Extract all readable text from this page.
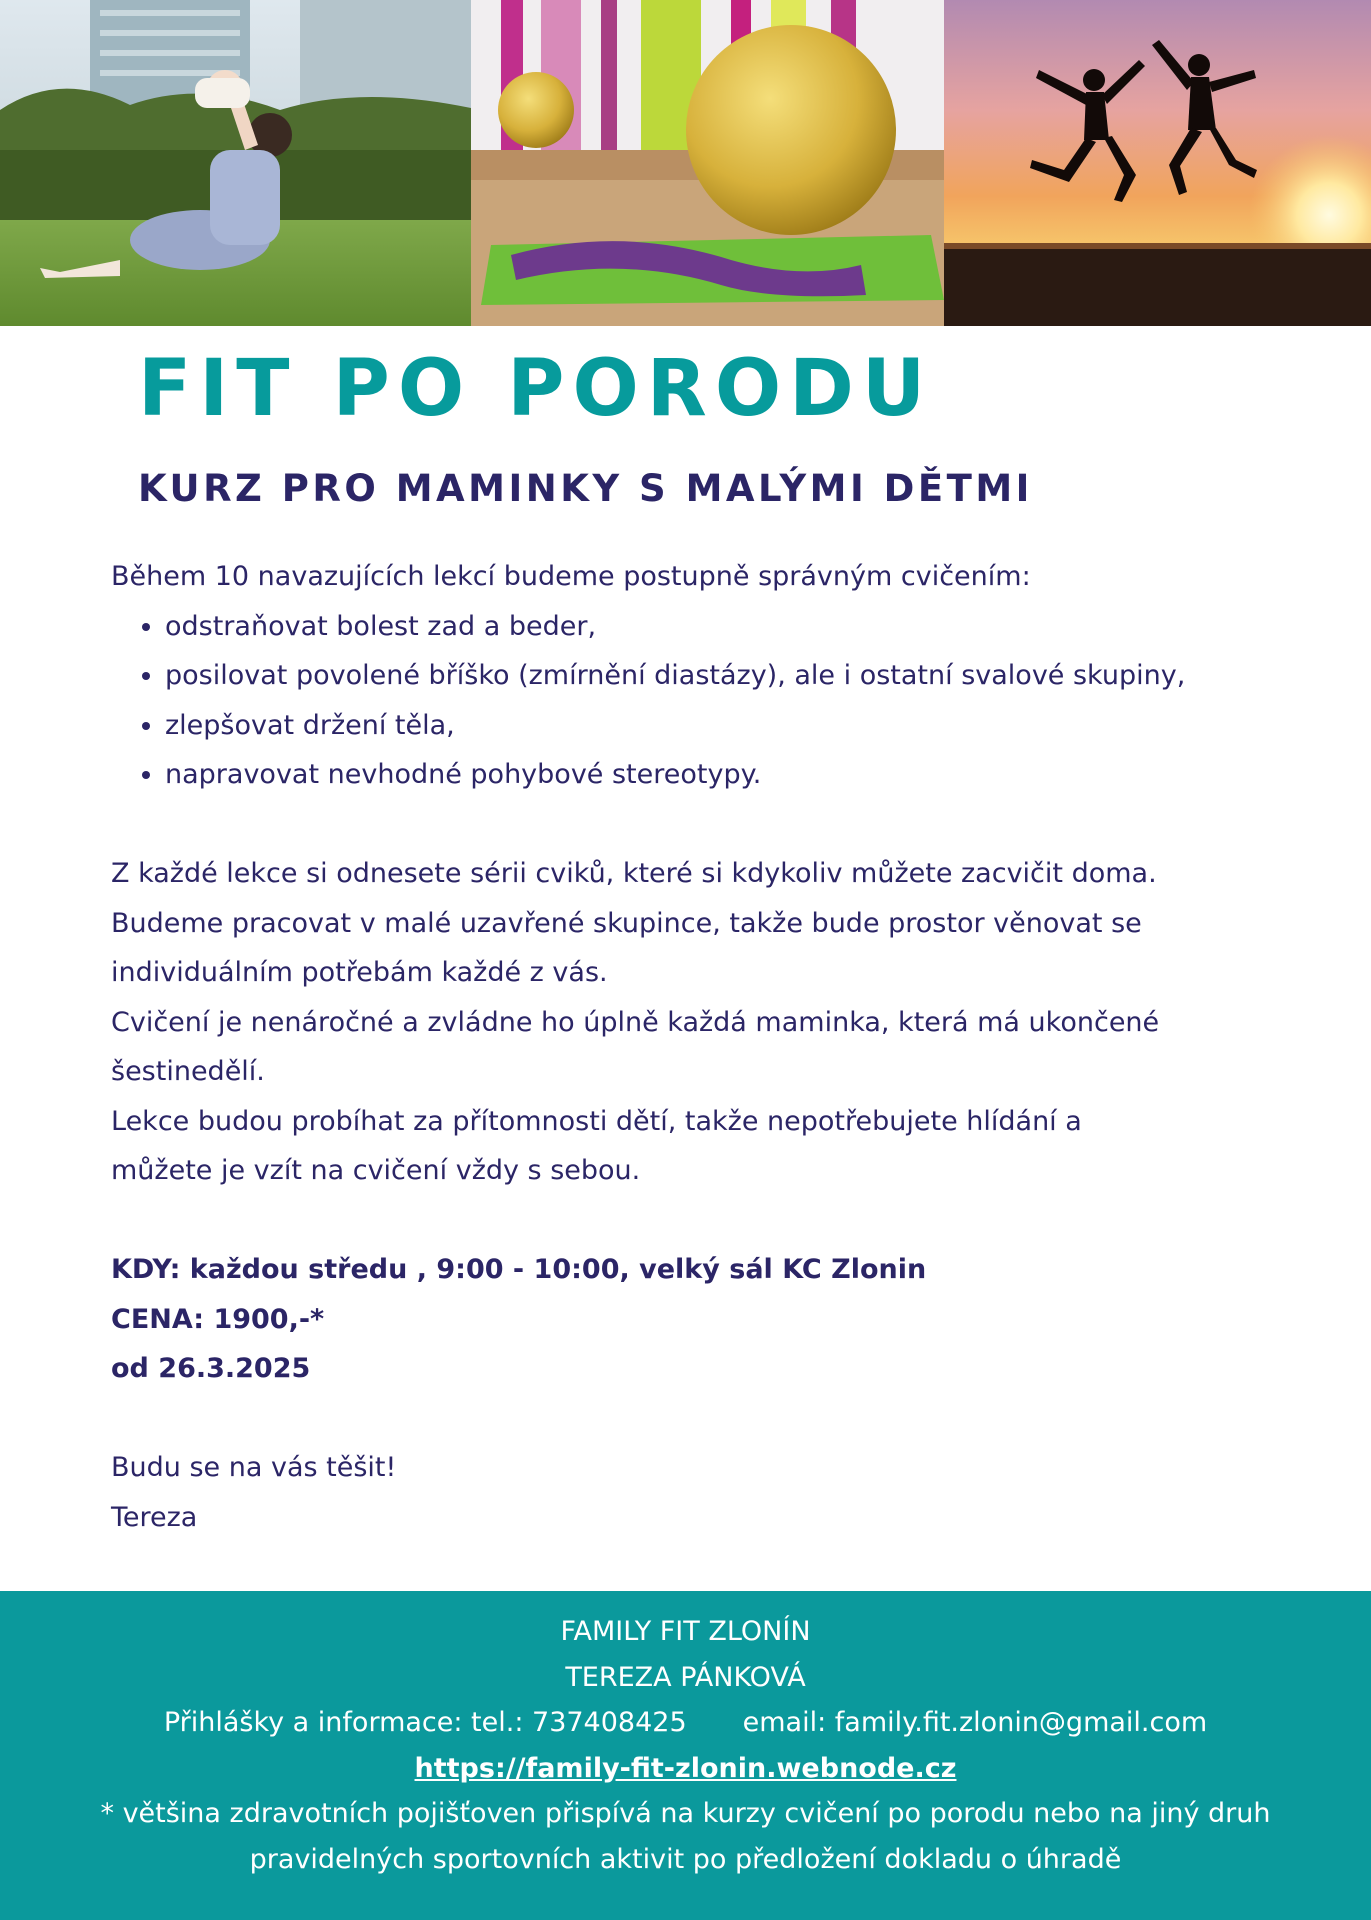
FIT PO PORODU
KURZ PRO MAMINKY S MALÝMI DĚTMI

Během 10 navazujících lekcí budeme postupně správným cvičením:

• odstraňovat bolest zad a beder,
• posilovat povolené bříško (zmírnění diastázy), ale i ostatní svalové skupiny,
• zlepšovat držení těla,
• napravovat nevhodné pohybové stereotypy.

Z každé lekce si odnesete sérii cviků, které si kdykoliv můžete zacvičit doma.

Budeme pracovat v malé uzavřené skupince, takže bude prostor věnovat se

individuálním potřebám každé z vás.

Cvičení je nenáročné a zvládne ho úplně každá maminka, která má ukončené

šestinedělí.

Lekce budou probíhat za přítomnosti dětí, takže nepotřebujete hlídání a

můžete je vzít na cvičení vždy s sebou.

KDY: každou středu , 9:00 - 10:00, velký sál KC Zlonin

CENA: 1900,-*

od 26.3.2025

Budu se na vás těšit!

Tereza

FAMILY FIT ZLONÍN
TEREZA PÁNKOVÁ
Přihlášky a informace: tel.: 737408425 email: family.fit.zlonin@gmail.com
https://family-fit-zlonin.webnode.cz
* většina zdravotních pojišťoven přispívá na kurzy cvičení po porodu nebo na jiný druh
pravidelných sportovních aktivit po předložení dokladu o úhradě
